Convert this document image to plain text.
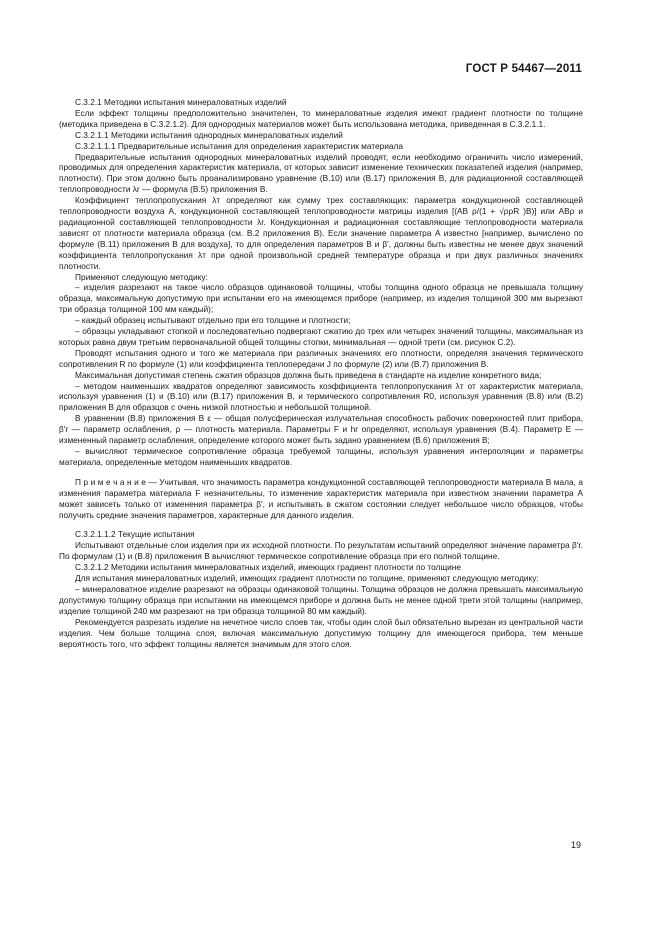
ГОСТ Р 54467—2011

С.3.2.1 Методики испытания минераловатных изделий

Если эффект толщины предположительно значителен, то минераловатные изделия имеют градиент плотности по толщине (методика приведена в С.3.2.1.2). Для однородных материалов может быть использована методика, приведенная в С.3.2.1.1.

С.3.2.1.1 Методики испытания однородных минераловатных изделий

С.3.2.1.1.1 Предварительные испытания для определения характеристик материала

Предварительные испытания однородных минераловатных изделий проводят, если необходимо ограничить число измерений, проводимых для определения характеристик материала, от которых зависит изменение технических показателей изделия (например, плотности). При этом должно быть проанализировано уравнение (В.10) или (В.17) приложения В, для радиационной составляющей теплопроводности λr — формула (В.5) приложения В.

Коэффициент теплопропускания λт определяют как сумму трех составляющих: параметра кондукционной составляющей теплопроводности воздуха A, кондукционной составляющей теплопроводности матрицы изделия [(AB ρ/(1 + √ρρR )B)] или ABρ и радиационной составляющей теплопроводности λr. Кондукционная и радиационная составляющие теплопроводности материала зависят от плотности материала образца (см. В.2 приложения В). Если значение параметра A известно [например, вычислено по формуле (В.11) приложения В для воздуха], то для определения параметров B и β', должны быть известны не менее двух значений коэффициента теплопропускания λт при одной произвольной средней температуре образца и при двух различных значениях плотности.

Применяют следующую методику:

– изделия разрезают на такое число образцов одинаковой толщины, чтобы толщина одного образца не превышала толщину образца, максимальную допустимую при испытании его на имеющемся приборе (например, из изделия толщиной 300 мм вырезают три образца толщиной 100 мм каждый);

– каждый образец испытывают отдельно при его толщине и плотности;

– образцы укладывают стопкой и последовательно подвергают сжатию до трех или четырех значений толщины, максимальная из которых равна двум третьим первоначальной общей толщины стопки, минимальная — одной трети (см. рисунок С.2).

Проводят испытания одного и того же материала при различных значениях его плотности, определяя значения термического сопротивления R по формуле (1) или коэффициента теплопередачи J по формуле (2) или (В.7) приложения В.

Максимальная допустимая степень сжатия образцов должна быть приведена в стандарте на изделие конкретного вида;

– методом наименьших квадратов определяют зависимость коэффициента теплопропускания λт от характеристик материала, используя уравнения (1) и (В.10) или (В.17) приложения В, и термического сопротивления R0, используя уравнения (В.8) или (В.2) приложения В для образцов с очень низкой плотностью и небольшой толщиной.

В уравнении (В.8) приложения В ε — общая полусферическая излучательная способность рабочих поверхностей плит прибора, β'r — параметр ослабления, ρ — плотность материала. Параметры F и hr определяют, используя уравнения (В.4). Параметр E — измененный параметр ослабления, определение которого может быть задано уравнением (В.6) приложения В;

– вычисляют термическое сопротивление образца требуемой толщины, используя уравнения интерполяции и параметры материала, определенные методом наименьших квадратов.

П р и м е ч а н и е — Учитывая, что значимость параметра кондукционной составляющей теплопроводности материала B мала, а изменения параметра материала F незначительны, то изменение характеристик материала при известном значении параметра A может зависеть только от изменения параметра β', и испытывать в сжатом состоянии следует небольшое число образцов, чтобы получить средние значения параметров, характерные для данного изделия.

С.3.2.1.1.2 Текущие испытания

Испытывают отдельные слои изделия при их исходной плотности. По результатам испытаний определяют значение параметра β'r. По формулам (1) и (В.8) приложения В вычисляют термическое сопротивление образца при его полной толщине.

С.3.2.1.2 Методики испытания минераловатных изделий, имеющих градиент плотности по толщине

Для испытания минераловатных изделий, имеющих градиент плотности по толщине, применяют следующую методику:

– минераловатное изделие разрезают на образцы одинаковой толщины. Толщина образцов не должна превышать максимальную допустимую толщину образца при испытании на имеющемся приборе и должна быть не менее одной трети этой толщины (например, изделие толщиной 240 мм разрезают на три образца толщиной 80 мм каждый).

Рекомендуется разрезать изделие на нечетное число слоев так, чтобы один слой был обязательно вырезан из центральной части изделия. Чем больше толщина слоя, включая максимальную допустимую толщину для имеющегося прибора, тем меньше вероятность того, что эффект толщины является значимым для этого слоя.

19
